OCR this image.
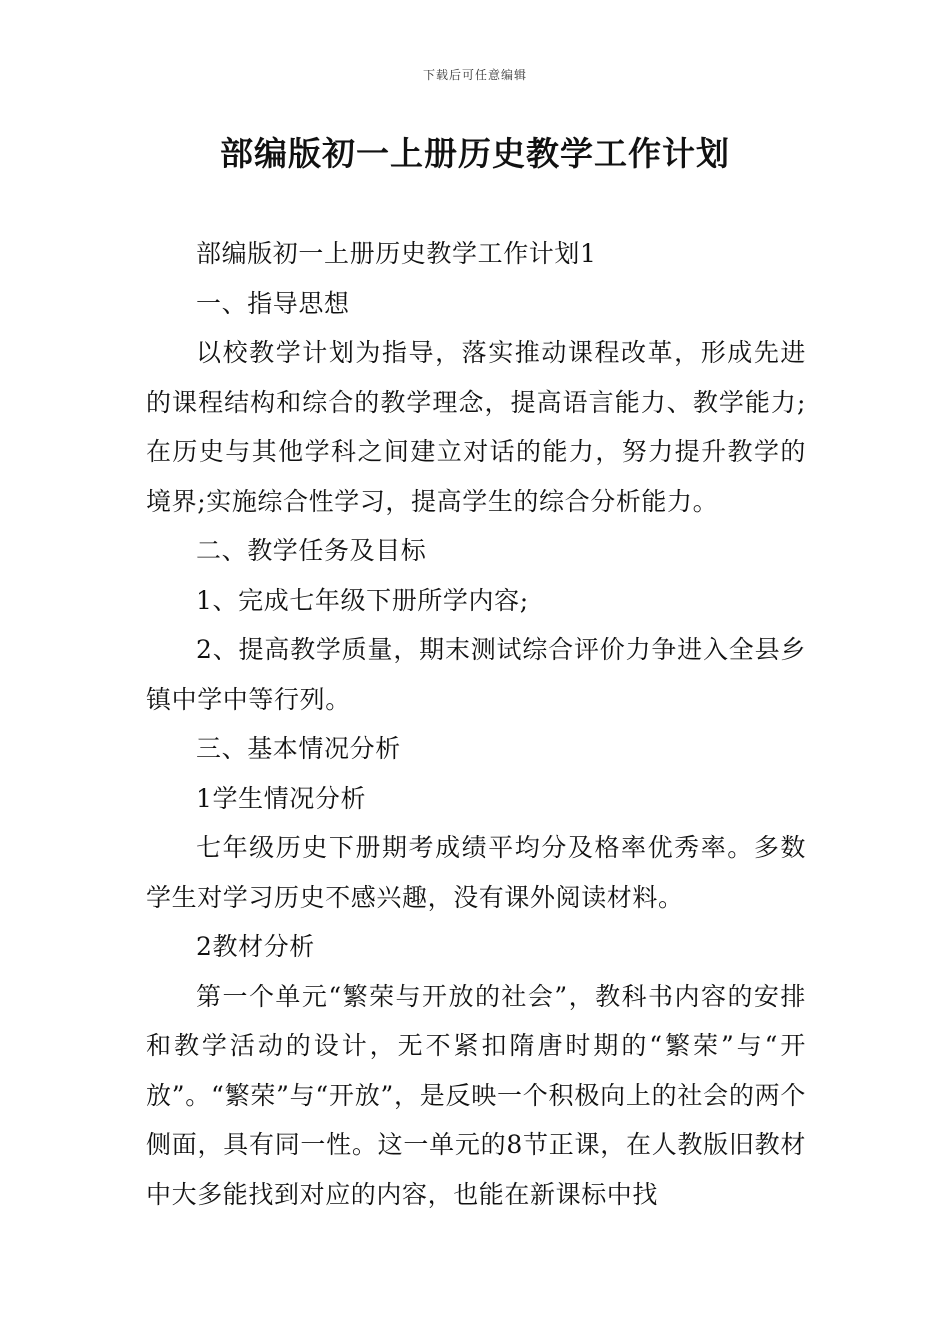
下载后可任意编辑
部编版初一上册历史教学工作计划

部编版初一上册历史教学工作计划1

一、指导思想

以校教学计划为指导，落实推动课程改革，形成先进的课程结构和综合的教学理念，提高语言能力、教学能力;在历史与其他学科之间建立对话的能力，努力提升教学的境界;实施综合性学习，提高学生的综合分析能力。

二、教学任务及目标

1、完成七年级下册所学内容;

2、提高教学质量，期末测试综合评价力争进入全县乡镇中学中等行列。

三、基本情况分析

1学生情况分析

七年级历史下册期考成绩平均分及格率优秀率。多数学生对学习历史不感兴趣，没有课外阅读材料。

2教材分析

第一个单元“繁荣与开放的社会”，教科书内容的安排和教学活动的设计，无不紧扣隋唐时期的“繁荣”与“开放”。“繁荣”与“开放”，是反映一个积极向上的社会的两个侧面，具有同一性。这一单元的8节正课，在人教版旧教材中大多能找到对应的内容，也能在新课标中找
